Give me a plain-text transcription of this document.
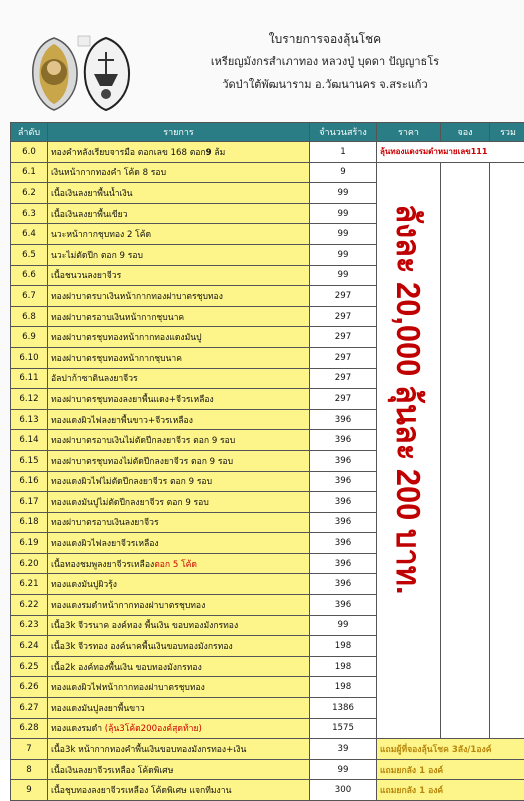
ใบรายการจองลุ้นโชค
เหรียญมังกรสำเภาทอง หลวงปู่ บุดดา ปัญญาธโร
วัดป่าใต้พัฒนาราม อ.วัฒนานคร จ.สระแก้ว
ลำดับ	รายการ	จำนวนสร้าง	ราคา	จอง	รวม
6.0	ทองคำหลังเรียบจารมือ ตอกเลข 168 ตอก9 ล้ม	1	ลุ้นทองแดงรมดำหมายเลข111		
6.1	เงินหน้ากากทองคำ โค้ด 8 รอบ	9	ลังละ 20,000 ลุ้นละ 200 บาท.		

6.2	เนื้อเงินลงยาพื้นน้ำเงิน	99			
6.3	เนื้อเงินลงยาพื้นเขียว	99			
6.4	นวะหน้ากากชุบทอง 2 โค้ด	99			
6.5	นวะไม่ตัดปีก ตอก 9 รอบ	99			
6.6	เนื้อชนวนลงยาจีวร	99			
6.7	ทองฝาบาตรบาเงินหน้ากากทองฝาบาตรชุบทอง	297			
6.8	ทองฝาบาตรอาบเงินหน้ากากชุบนาค	297			
6.9	ทองฝาบาตรชุบทองหน้ากากทองแดงมันปู	297			
6.10	ทองฝาบาตรชุบทองหน้ากากชุบนาค	297			
6.11	อัลปาก้าซาตินลงยาจีวร	297			
6.12	ทองฝาบาตรชุบทองลงยาพื้นแดง+จีวรเหลือง	297			
6.13	ทองแดงผิวไฟลงยาพื้นขาว+จีวรเหลือง	396			
6.14	ทองฝาบาตรอาบเงินไม่ตัดปีกลงยาจีวร ตอก 9 รอบ	396			
6.15	ทองฝาบาตรชุบทองไม่ตัดปีกลงยาจีวร ตอก 9 รอบ	396			
6.16	ทองแดงผิวไฟไม่ตัดปีกลงยาจีวร ตอก 9 รอบ	396			
6.17	ทองแดงมันปูไม่ตัดปีกลงยาจีวร ตอก 9 รอบ	396			
6.18	ทองฝาบาตรอาบเงินลงยาจีวร	396			
6.19	ทองแดงผิวไฟลงยาจีวรเหลือง	396			
6.20	เนื้อทองชมพูลงยาจีวรเหลืองตอก 5 โค้ด	396			
6.21	ทองแดงมันปูผิวรุ้ง	396			
6.22	ทองแดงรมดำหน้ากากทองฝาบาตรชุบทอง	396			
6.23	เนื้อ3k จีวรนาค องค์ทอง พื้นเงิน ขอบทองมังกรทอง	99			
6.24	เนื้อ3k จีวรทอง องค์นาคพื้นเงินขอบทองมังกรทอง	198			
6.25	เนื้อ2k องค์ทองพื้นเงิน ขอบทองมังกรทอง	198			
6.26	ทองแดงผิวไฟหน้ากากทองฝาบาตรชุบทอง	198			
6.27	ทองแดงมันปูลงยาพื้นขาว	1386			
6.28	ทองแดงรมดำ (ลุ้น3โค้ด200องค์สุดท้าย)	1575			
7	เนื้อ3k หน้ากากทองคำพื้นเงินขอบทองมังกรทอง+เงิน	39	แถมผู้ที่จองลุ้นโชค 3ลัง/1องค์		
8	เนื้อเงินลงยาจีวรเหลือง โค้ดพิเศษ	99	แถมยกลัง 1 องค์		
9	เนื้อชุบทองลงยาจีวรเหลือง โค้ดพิเศษ แจกทีมงาน	300	แถมยกลัง 1 องค์		
